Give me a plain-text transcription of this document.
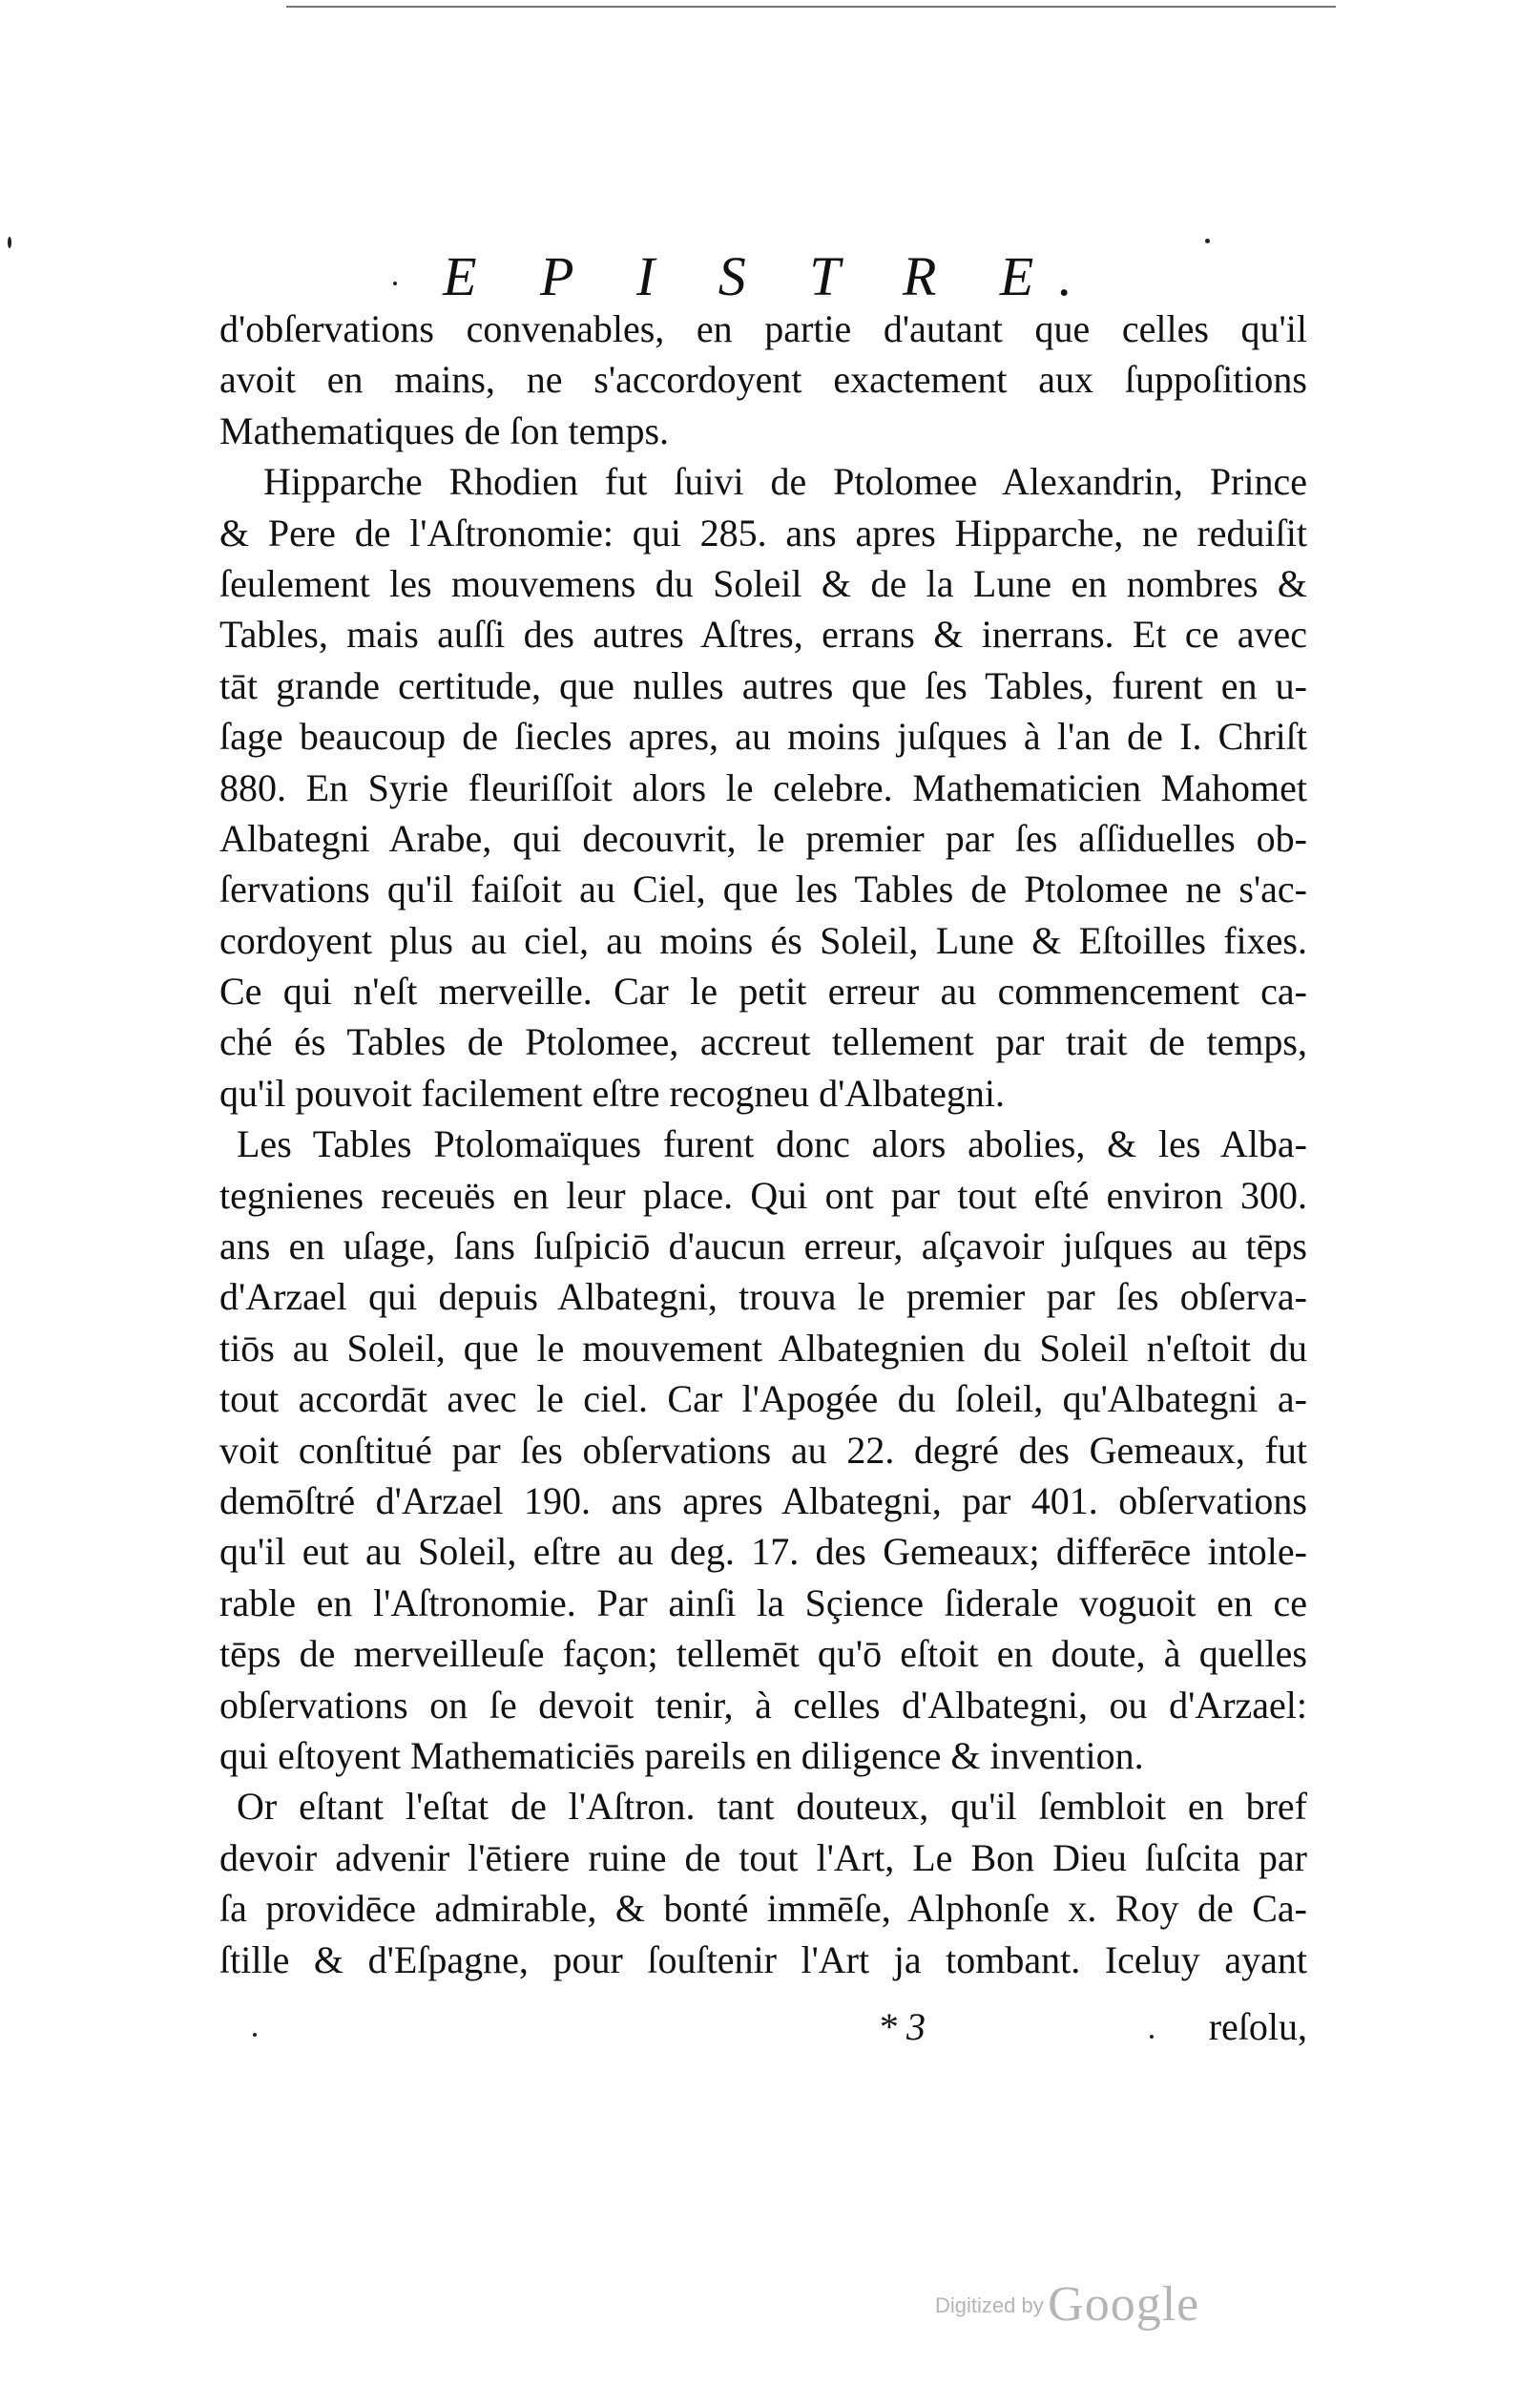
E P I S T R E.
d'obſervations convenables, en partie d'autant que celles qu'il
avoit en mains, ne s'accordoyent exactement aux ſuppoſitions
Mathematiques de ſon temps.
Hipparche Rhodien fut ſuivi de Ptolomee Alexandrin, Prince
& Pere de l'Aſtronomie: qui 285. ans apres Hipparche, ne reduiſit
ſeulement les mouvemens du Soleil & de la Lune en nombres &
Tables, mais auſſi des autres Aſtres, errans & inerrans. Et ce avec
tāt grande certitude, que nulles autres que ſes Tables, furent en u-
ſage beaucoup de ſiecles apres, au moins juſques à l'an de I. Chriſt
880. En Syrie fleuriſſoit alors le celebre. Mathematicien Mahomet
Albategni Arabe, qui decouvrit, le premier par ſes aſſiduelles ob-
ſervations qu'il faiſoit au Ciel, que les Tables de Ptolomee ne s'ac-
cordoyent plus au ciel, au moins és Soleil, Lune & Eſtoilles fixes.
Ce qui n'eſt merveille. Car le petit erreur au commencement ca-
ché és Tables de Ptolomee, accreut tellement par trait de temps,
qu'il pouvoit facilement eſtre recogneu d'Albategni.
Les Tables Ptolomaïques furent donc alors abolies, & les Alba-
tegnienes receuës en leur place. Qui ont par tout eſté environ 300.
ans en uſage, ſans ſuſpiciō d'aucun erreur, aſçavoir juſques au tēps
d'Arzael qui depuis Albategni, trouva le premier par ſes obſerva-
tiōs au Soleil, que le mouvement Albategnien du Soleil n'eſtoit du
tout accordāt avec le ciel. Car l'Apogée du ſoleil, qu'Albategni a-
voit conſtitué par ſes obſervations au 22. degré des Gemeaux, fut
demōſtré d'Arzael 190. ans apres Albategni, par 401. obſervations
qu'il eut au Soleil, eſtre au deg. 17. des Gemeaux; differēce intole-
rable en l'Aſtronomie. Par ainſi la Sçience ſiderale voguoit en ce
tēps de merveilleuſe façon; tellemēt qu'ō eſtoit en doute, à quelles
obſervations on ſe devoit tenir, à celles d'Albategni, ou d'Arzael:
qui eſtoyent Mathematiciēs pareils en diligence & invention.
Or eſtant l'eſtat de l'Aſtron. tant douteux, qu'il ſembloit en bref
devoir advenir l'ētiere ruine de tout l'Art, Le Bon Dieu ſuſcita par
ſa providēce admirable, & bonté immēſe, Alphonſe x. Roy de Ca-
ſtille & d'Eſpagne, pour ſouſtenir l'Art ja tombant. Iceluy ayant
* 3	reſolu,
Digitized by Google
